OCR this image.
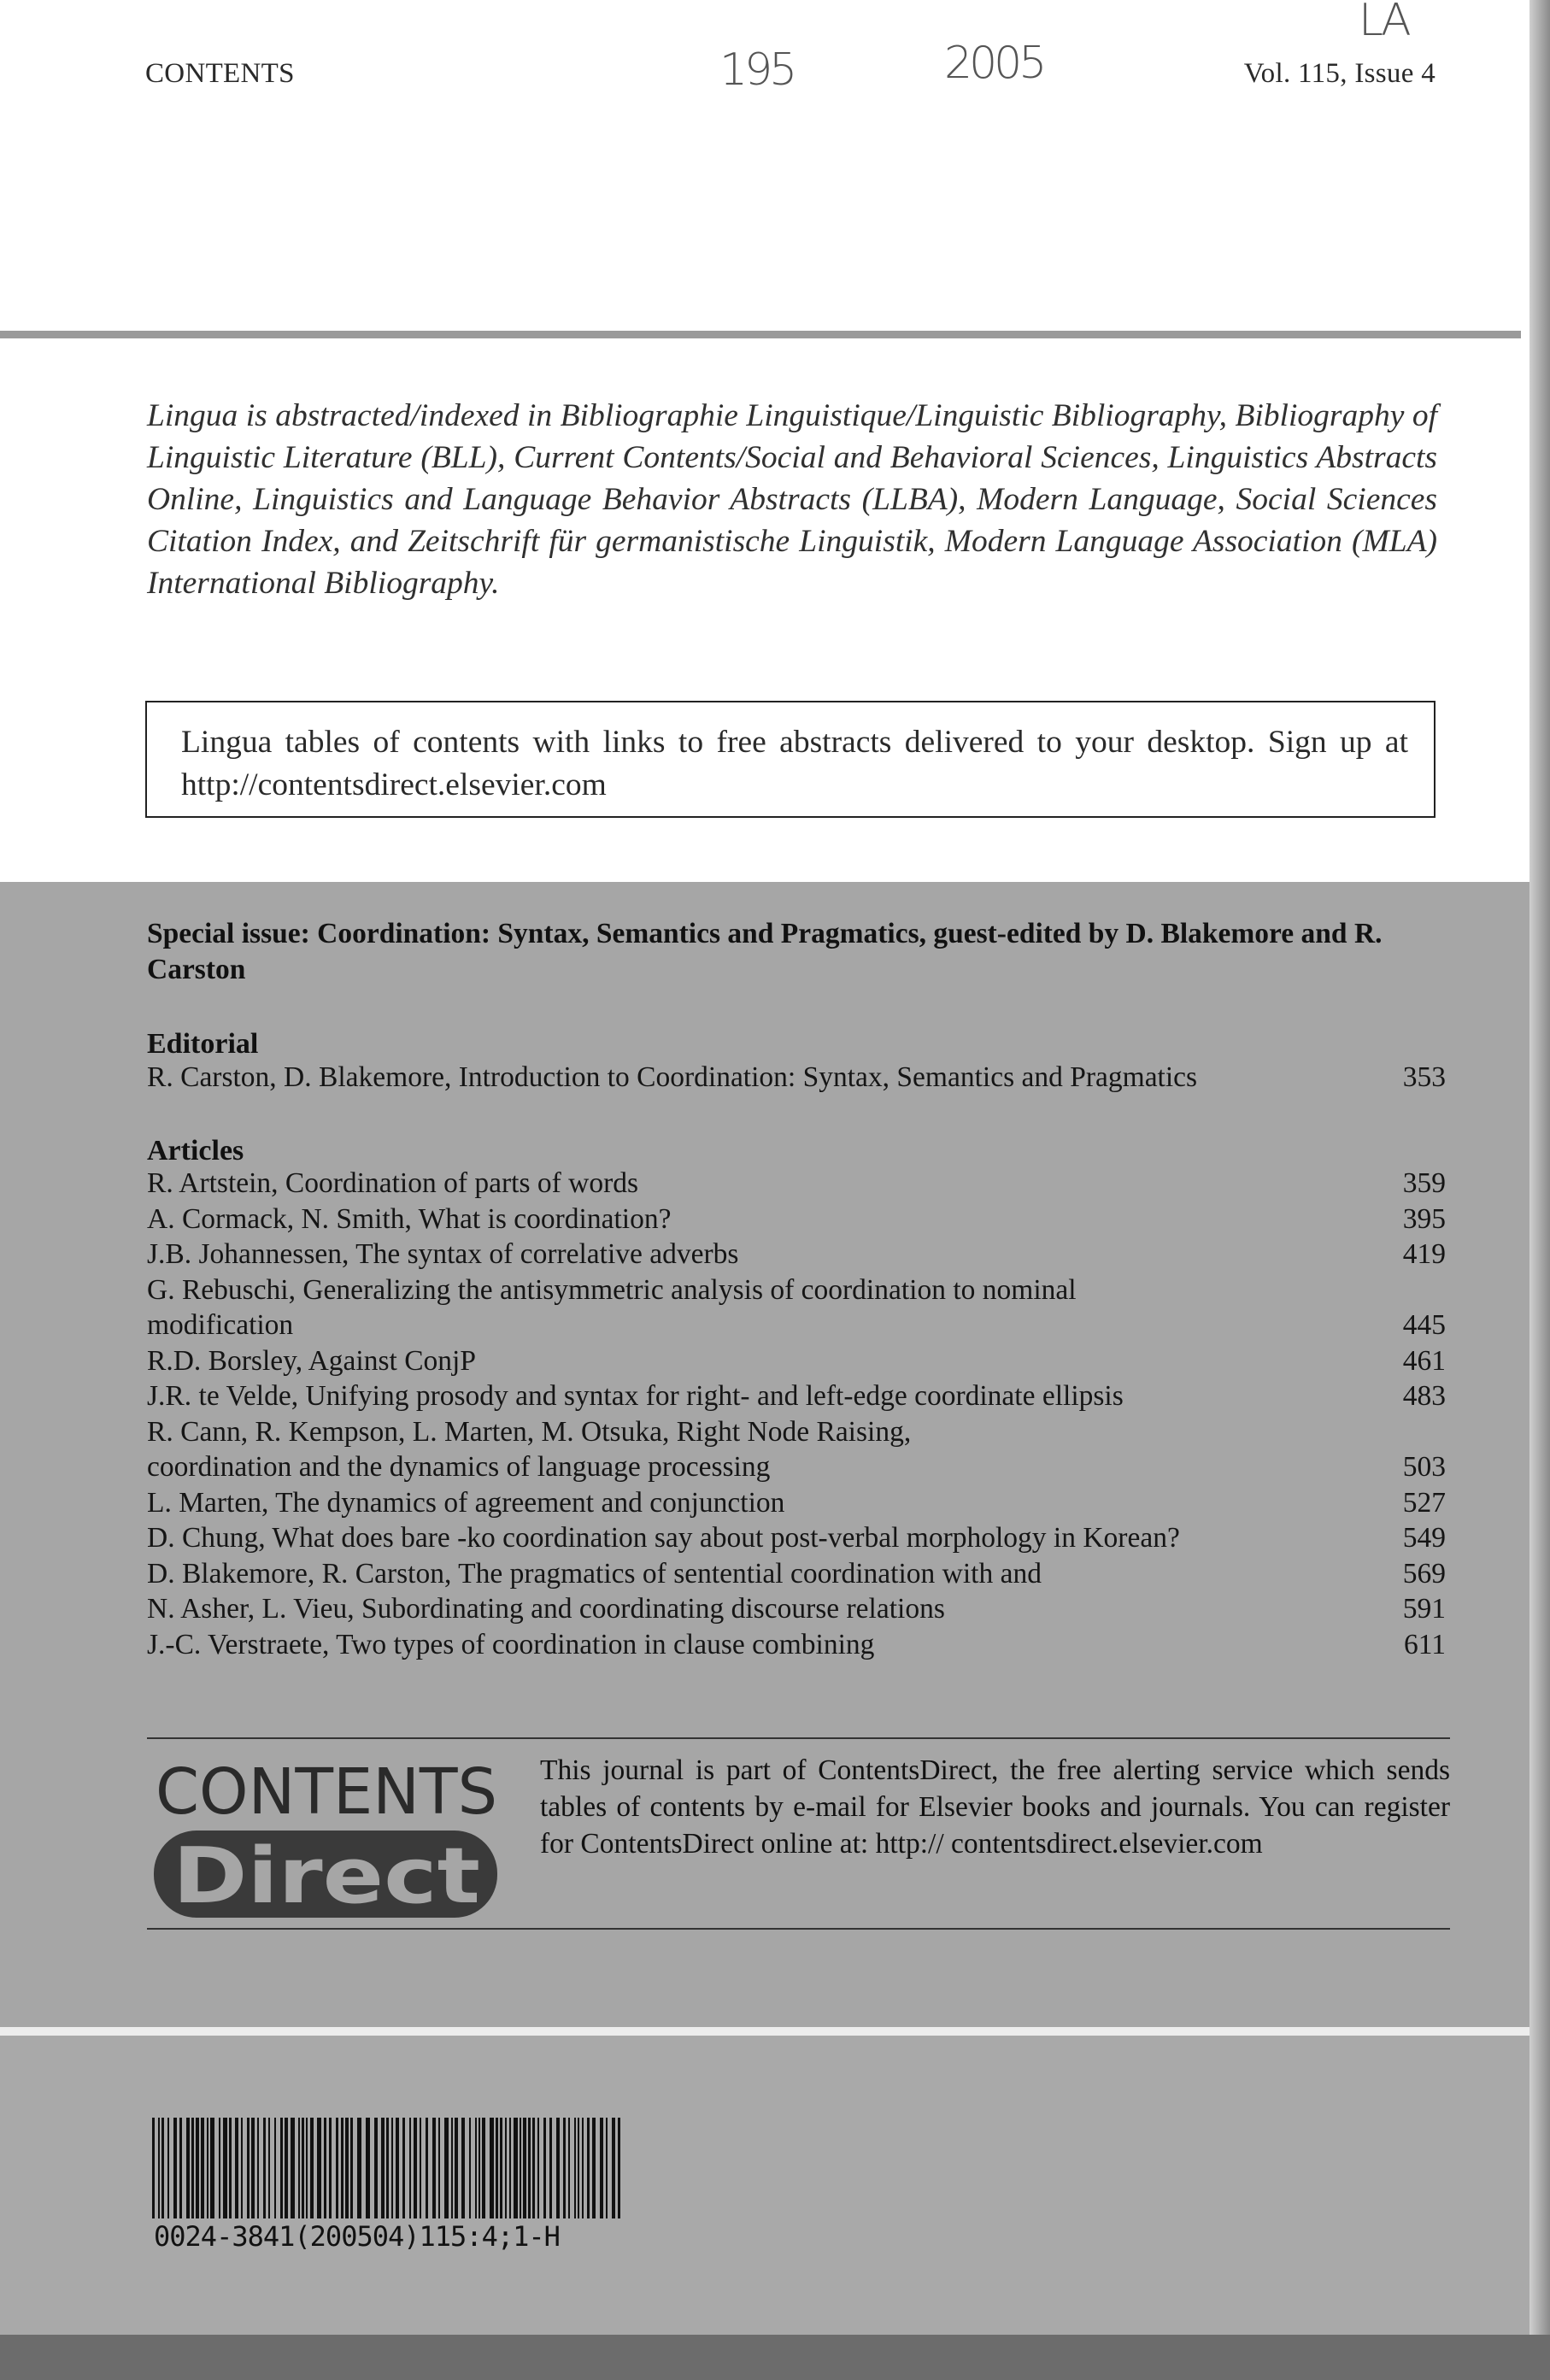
CONTENTS	195	2005
LA
Vol. 115, Issue 4
Lingua is abstracted/indexed in Bibliographie Linguistique/Linguistic Bibliography, Bibliography of Linguistic Literature (BLL), Current Contents/Social and Behavioral Sciences, Linguistics Abstracts Online, Linguistics and Language Behavior Abstracts (LLBA), Modern Language, Social Sciences Citation Index, and Zeitschrift für germanistische Linguistik, Modern Language Association (MLA) International Bibliography.
Lingua tables of contents with links to free abstracts delivered to your desktop. Sign up at http://contentsdirect.elsevier.com
Special issue: Coordination: Syntax, Semantics and Pragmatics, guest-edited by D. Blakemore and R. Carston
Editorial
R. Carston, D. Blakemore, Introduction to Coordination: Syntax, Semantics and Pragmatics	353
Articles
R. Artstein, Coordination of parts of words	359
A. Cormack, N. Smith, What is coordination?	395
J.B. Johannessen, The syntax of correlative adverbs	419
G. Rebuschi, Generalizing the antisymmetric analysis of coordination to nominal modification	445
R.D. Borsley, Against ConjP	461
J.R. te Velde, Unifying prosody and syntax for right- and left-edge coordinate ellipsis	483
R. Cann, R. Kempson, L. Marten, M. Otsuka, Right Node Raising, coordination and the dynamics of language processing	503
L. Marten, The dynamics of agreement and conjunction	527
D. Chung, What does bare -ko coordination say about post-verbal morphology in Korean?	549
D. Blakemore, R. Carston, The pragmatics of sentential coordination with and	569
N. Asher, L. Vieu, Subordinating and coordinating discourse relations	591
J.-C. Verstraete, Two types of coordination in clause combining	611
CONTENTS
Direct
This journal is part of ContentsDirect, the free alerting service which sends tables of contents by e-mail for Elsevier books and journals. You can register for ContentsDirect online at: http:// contentsdirect.elsevier.com
0024-3841(200504)115:4;1-H
